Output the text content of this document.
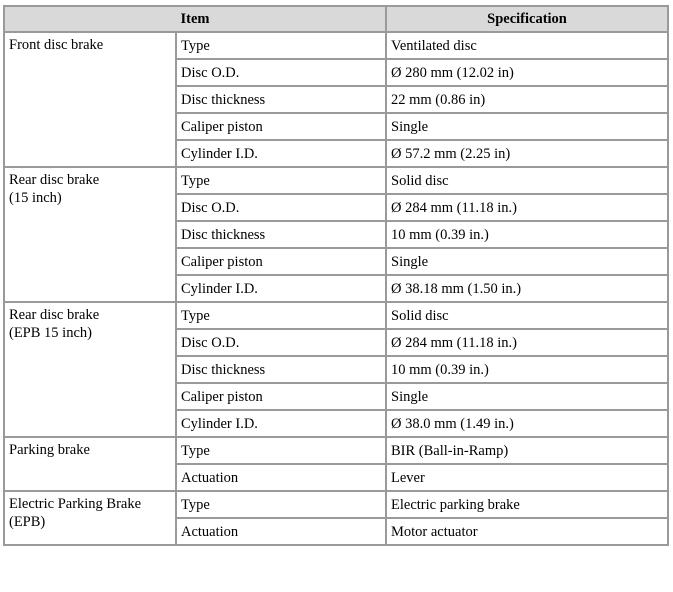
Item		Specification
Front disc brake	Type	Ventilated disc
	Disc O.D.	Ø 280 mm (12.02 in)
	Disc thickness	22 mm (0.86 in)
	Caliper piston	Single
	Cylinder I.D.	Ø 57.2 mm (2.25 in)
Rear disc brake
(15 inch)	Type	Solid disc
	Disc O.D.	Ø 284 mm (11.18 in.)
	Disc thickness	10 mm (0.39 in.)
	Caliper piston	Single
	Cylinder I.D.	Ø 38.18 mm (1.50 in.)
Rear disc brake
(EPB 15 inch)	Type	Solid disc
	Disc O.D.	Ø 284 mm (11.18 in.)
	Disc thickness	10 mm (0.39 in.)
	Caliper piston	Single
	Cylinder I.D.	Ø 38.0 mm (1.49 in.)
Parking brake	Type	BIR (Ball-in-Ramp)
	Actuation	Lever
Electric Parking Brake
(EPB)	Type	Electric parking brake
	Actuation	Motor actuator
